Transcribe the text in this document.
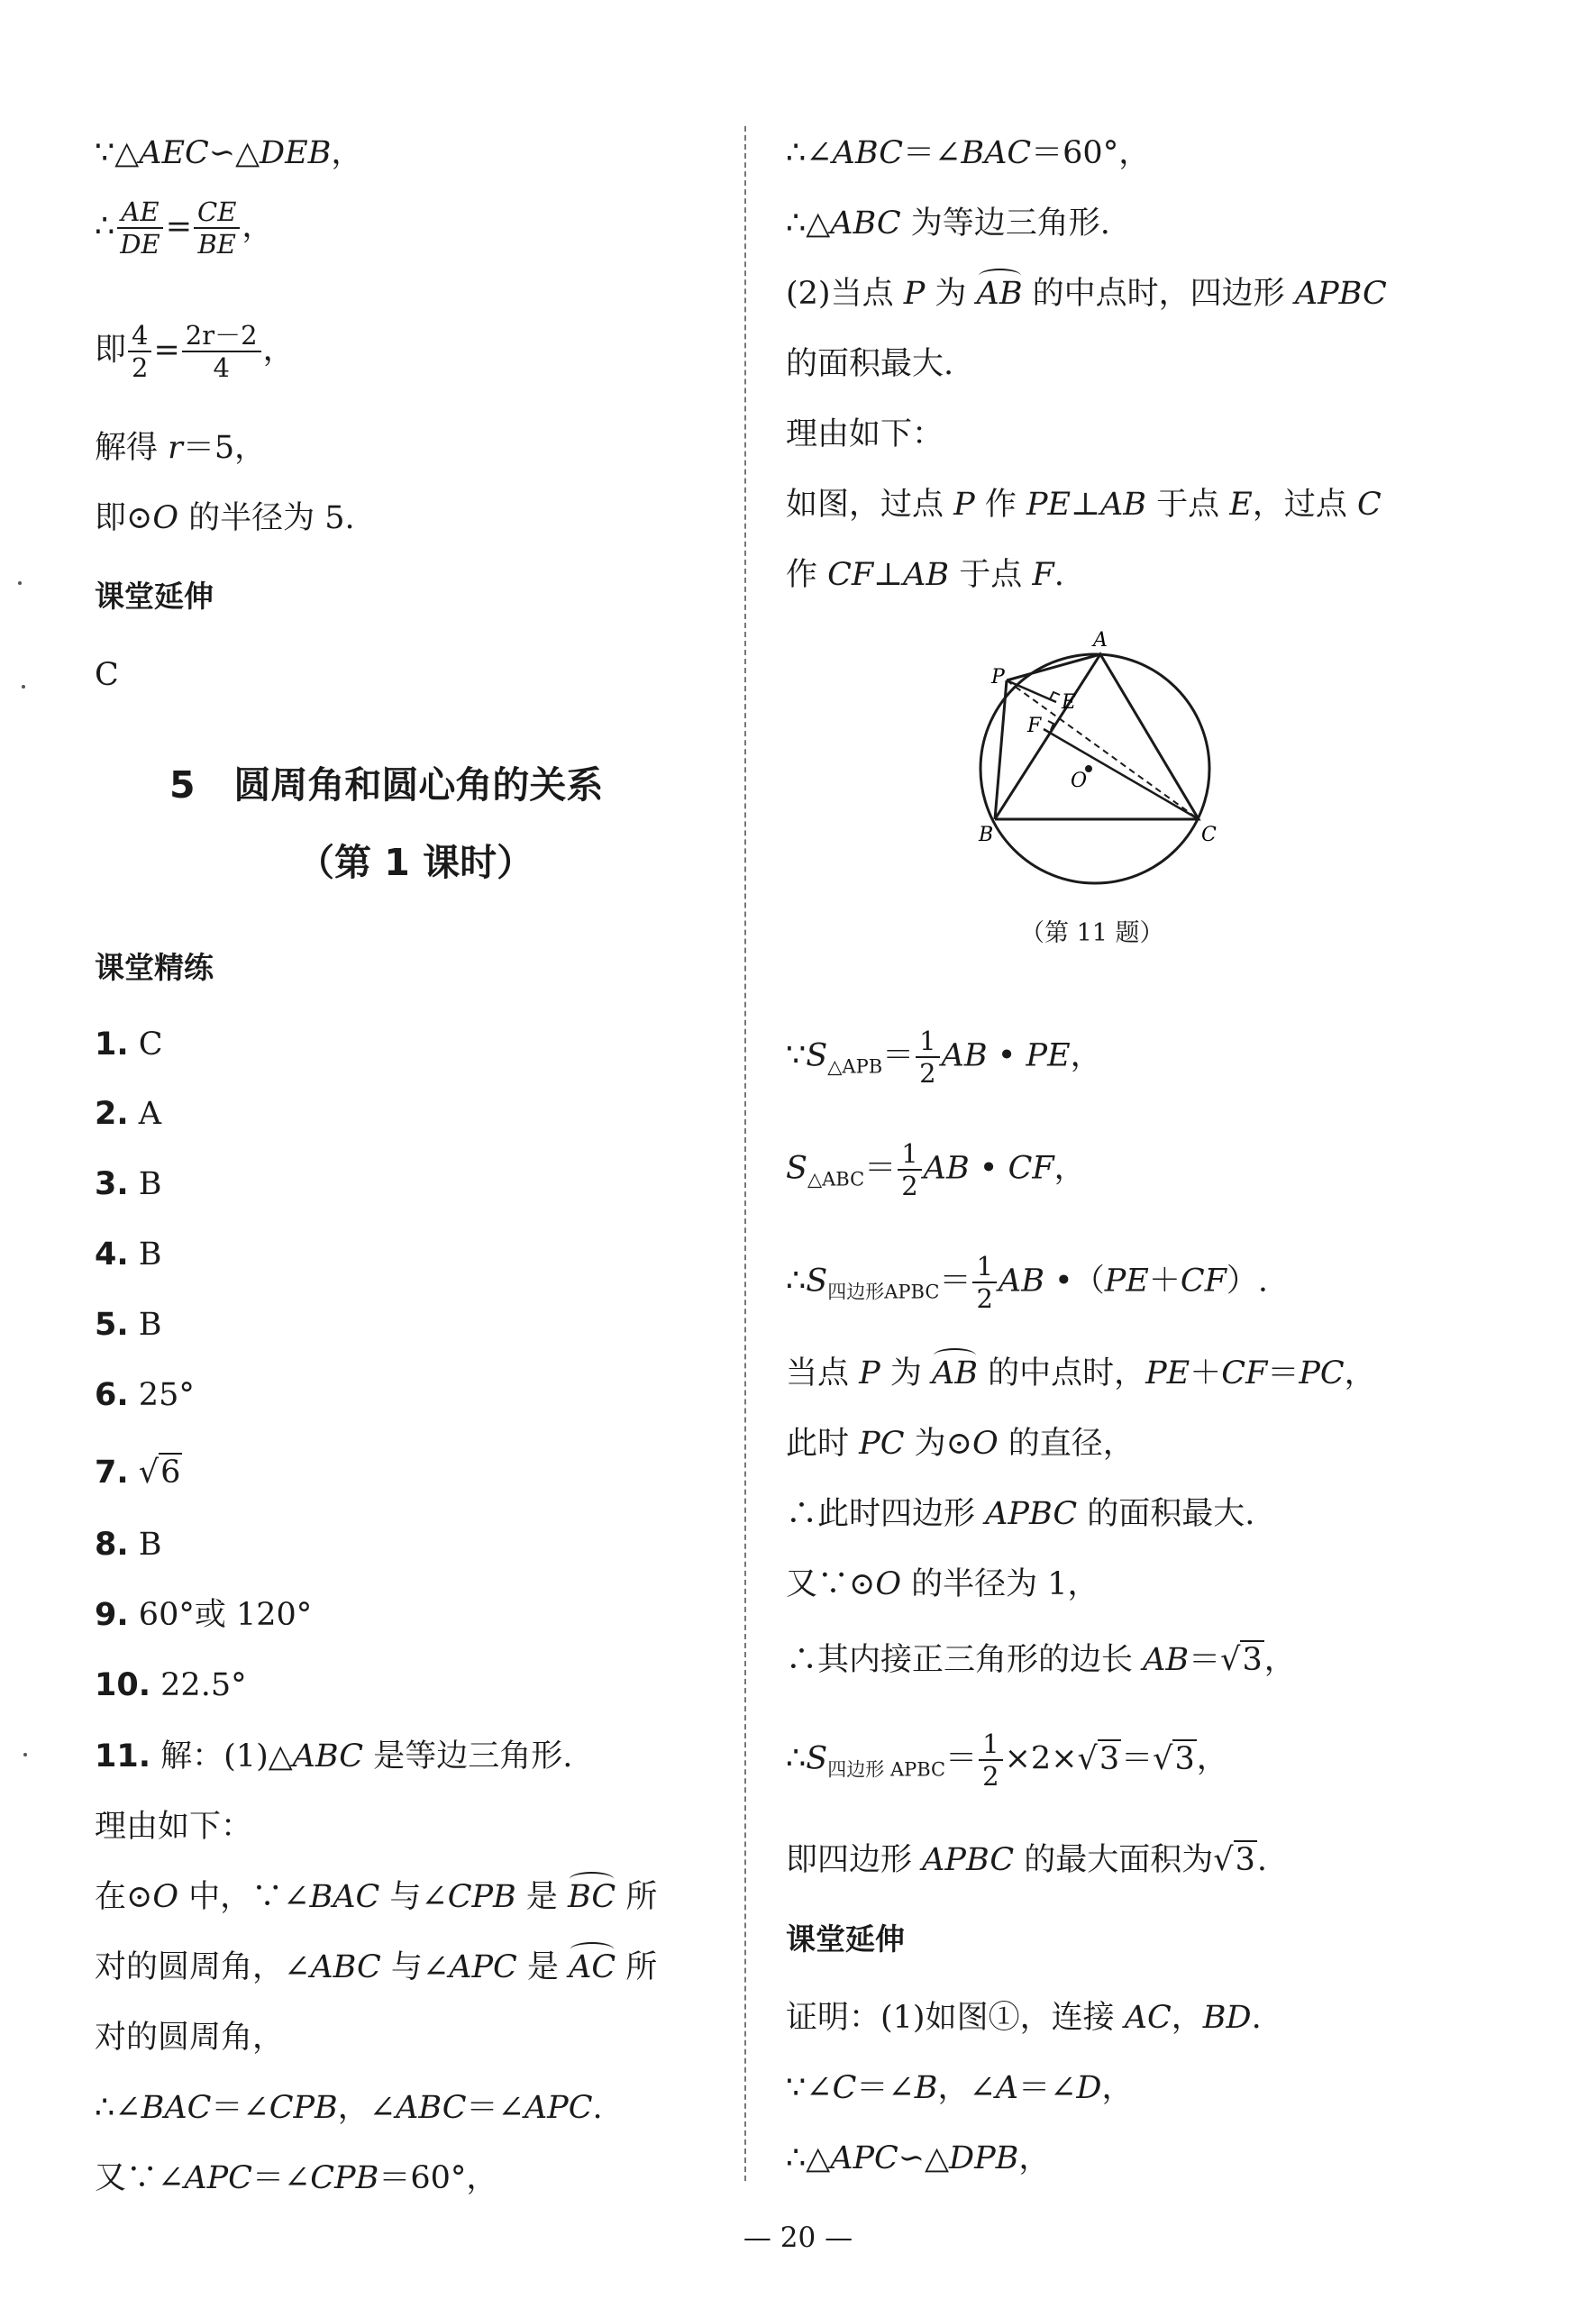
∵△AEC∽△DEB，
∴ $\frac{AE}{DE} = \frac{CE}{BE}$ ，
即 $\frac{4}{2} = \frac{2r-2}{4}$ ，
解得 r＝5，
即⊙O 的半径为 5.
课堂延伸
C
5 圆周角和圆心角的关系
（第 1 课时）
课堂精练
1. C
2. A
3. B
4. B
5. B
6. 25°
7. √6
8. B
9. 60°或 120°
10. 22.5°
11. 解：(1)△ABC 是等边三角形.
理由如下：
在⊙O 中，∵∠BAC 与∠CPB 是 BC 所
对的圆周角，∠ABC 与∠APC 是 AC 所
对的圆周角，
∴∠BAC＝∠CPB，∠ABC＝∠APC.
又∵∠APC＝∠CPB＝60°，
∴∠ABC＝∠BAC＝60°，
∴△ABC 为等边三角形.
(2)当点 P 为 AB 的中点时，四边形 APBC
的面积最大.
理由如下：
如图，过点 P 作 PE⊥AB 于点 E，过点 C
作 CF⊥AB 于点 F.
A
P
E
F
O
B	C
（第 11 题）
$\because S_{\triangle APB}= \frac{1}{2}$ AB • PE，
$S_{\triangle ABC}= \frac{1}{2}$ AB • CF，
$\therefore S_{四边形APBC}= \frac{1}{2}$ AB •（PE＋CF）.
当点 P 为 AB 的中点时，PE＋CF＝PC，
此时 PC 为⊙O 的直径，
∴此时四边形 APBC 的面积最大.
又∵⊙O 的半径为 1，
∴其内接正三角形的边长 AB＝√3，
$\therefore S_{四边形 APBC}= \frac{1}{2} \times 2\times√3=√3$，
即四边形 APBC 的最大面积为√3.
课堂延伸
证明：(1)如图①，连接 AC，BD.
∵∠C＝∠B，∠A＝∠D，
∴△APC∽△DPB，
— 20 —
